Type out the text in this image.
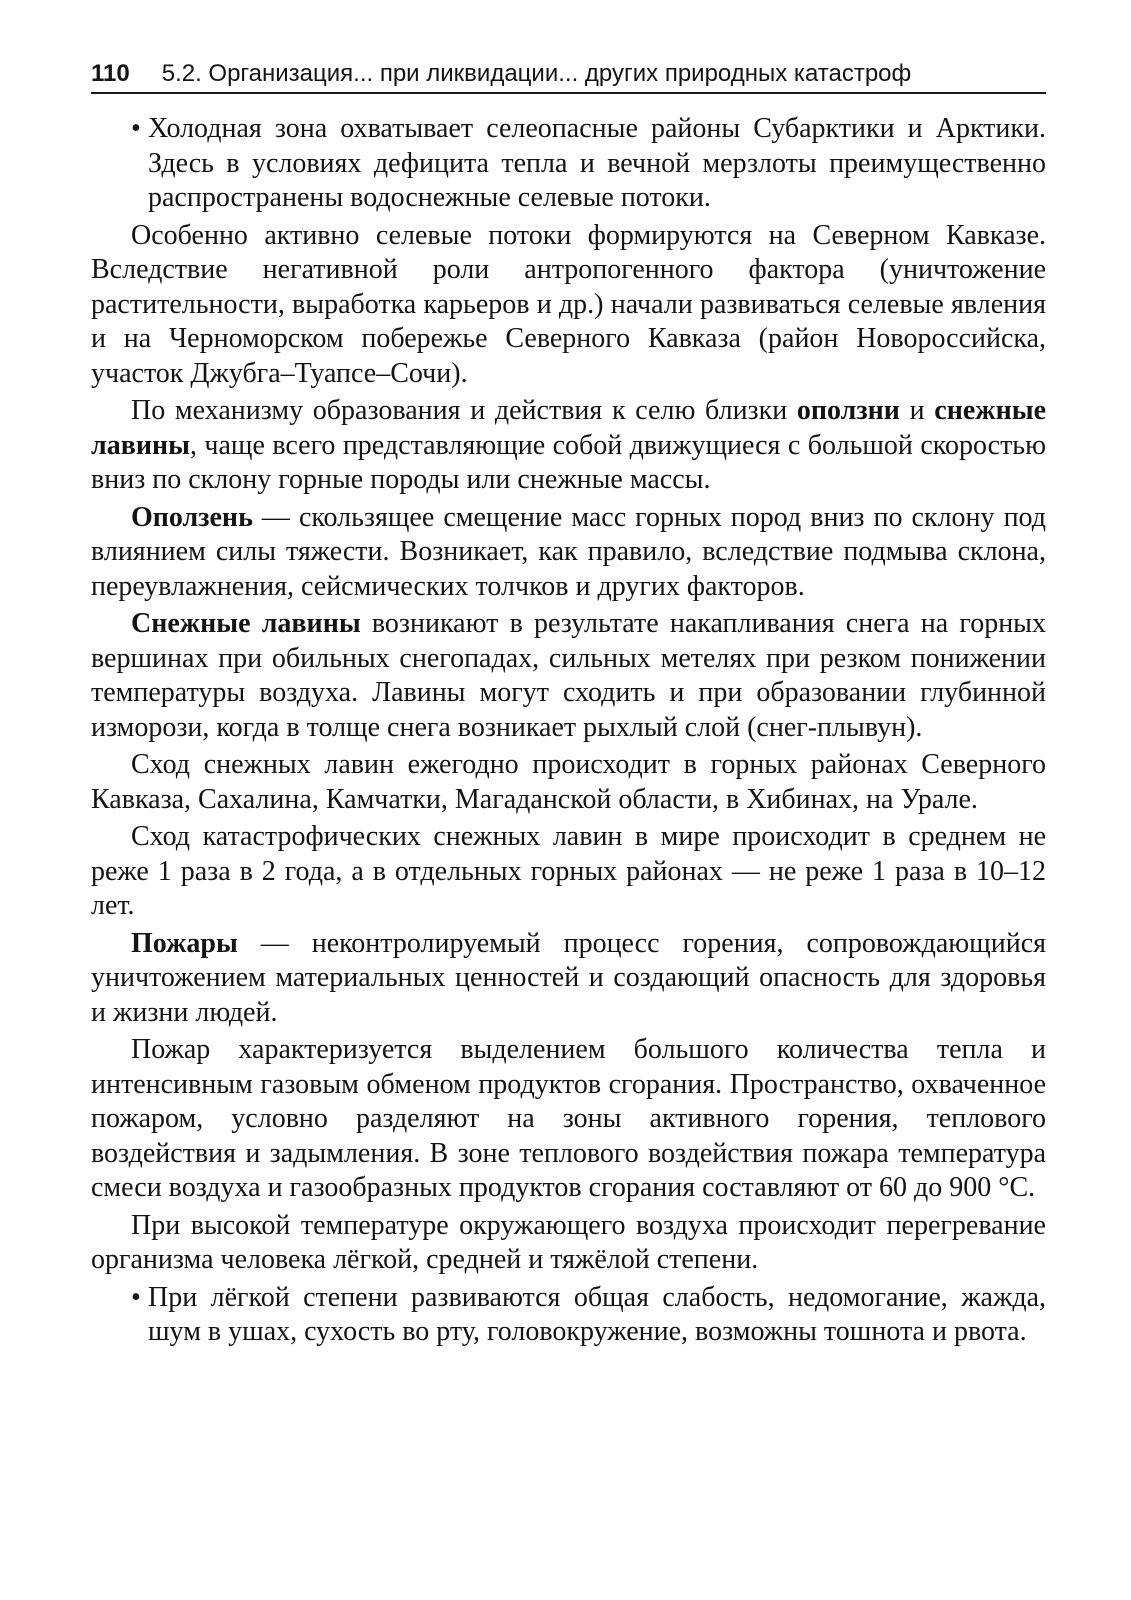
110 5.2. Организация... при ликвидации... других природных катастроф

• Холодная зона охватывает селеопасные районы Субарктики и Арктики. Здесь в условиях дефицита тепла и вечной мерзлоты преимущественно распространены водоснежные селевые потоки.

Особенно активно селевые потоки формируются на Северном Кавказе. Вследствие негативной роли антропогенного фактора (уничтожение растительности, выработка карьеров и др.) начали развиваться селевые явления и на Черноморском побережье Северного Кавказа (район Новороссийска, участок Джубга–Туапсе–Сочи).

По механизму образования и действия к селю близки оползни и снежные лавины, чаще всего представляющие собой движущиеся с большой скоростью вниз по склону горные породы или снежные массы.

Оползень — скользящее смещение масс горных пород вниз по склону под влиянием силы тяжести. Возникает, как правило, вследствие подмыва склона, переувлажнения, сейсмических толчков и других факторов.

Снежные лавины возникают в результате накапливания снега на горных вершинах при обильных снегопадах, сильных метелях при резком понижении температуры воздуха. Лавины могут сходить и при образовании глубинной изморози, когда в толще снега возникает рыхлый слой (снег-плывун).

Сход снежных лавин ежегодно происходит в горных районах Северного Кавказа, Сахалина, Камчатки, Магаданской области, в Хибинах, на Урале.

Сход катастрофических снежных лавин в мире происходит в среднем не реже 1 раза в 2 года, а в отдельных горных районах — не реже 1 раза в 10–12 лет.

Пожары — неконтролируемый процесс горения, сопровождающийся уничтожением материальных ценностей и создающий опасность для здоровья и жизни людей.

Пожар характеризуется выделением большого количества тепла и интенсивным газовым обменом продуктов сгорания. Пространство, охваченное пожаром, условно разделяют на зоны активного горения, теплового воздействия и задымления. В зоне теплового воздействия пожара температура смеси воздуха и газообразных продуктов сгорания составляют от 60 до 900 °С.

При высокой температуре окружающего воздуха происходит перегревание организма человека лёгкой, средней и тяжёлой степени.

• При лёгкой степени развиваются общая слабость, недомогание, жажда, шум в ушах, сухость во рту, головокружение, возможны тошнота и рвота.
